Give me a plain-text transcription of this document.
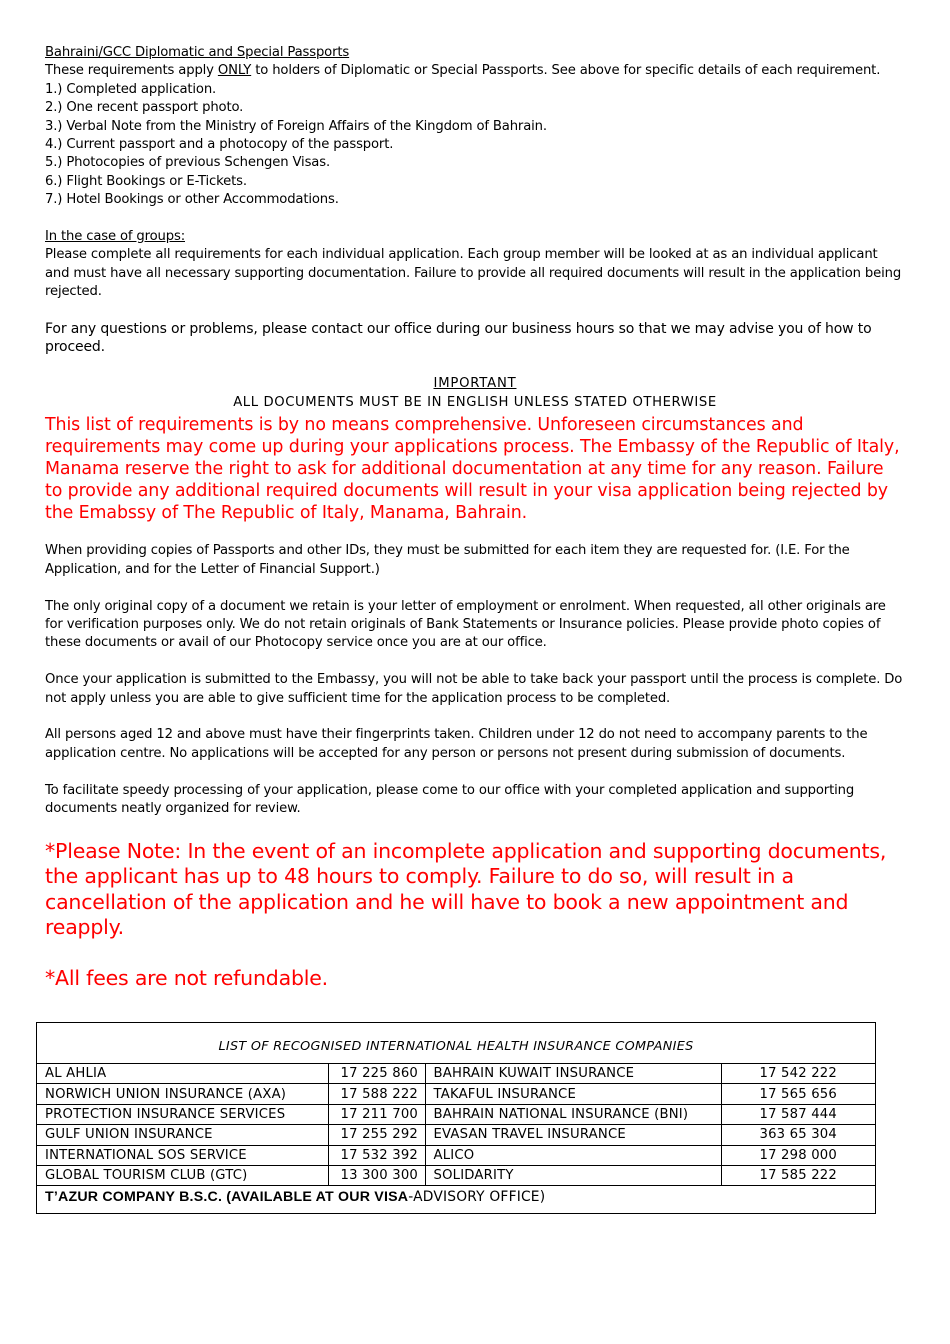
Bahraini/GCC Diplomatic and Special Passports
These requirements apply ONLY to holders of Diplomatic or Special Passports. See above for specific details of each requirement.
1.) Completed application.
2.) One recent passport photo.
3.) Verbal Note from the Ministry of Foreign Affairs of the Kingdom of Bahrain.
4.) Current passport and a photocopy of the passport.
5.) Photocopies of previous Schengen Visas.
6.) Flight Bookings or E-Tickets.
7.) Hotel Bookings or other Accommodations.
In the case of groups:

Please complete all requirements for each individual application. Each group member will be looked at as an individual applicant and must have all necessary supporting documentation. Failure to provide all required documents will result in the application being rejected.

For any questions or problems, please contact our office during our business hours so that we may advise you of how to proceed.

IMPORTANT
ALL DOCUMENTS MUST BE IN ENGLISH UNLESS STATED OTHERWISE

This list of requirements is by no means comprehensive. Unforeseen circumstances and requirements may come up during your applications process. The Embassy of the Republic of Italy, Manama reserve the right to ask for additional documentation at any time for any reason. Failure to provide any additional required documents will result in your visa application being rejected by the Emabssy of The Republic of Italy, Manama, Bahrain.

When providing copies of Passports and other IDs, they must be submitted for each item they are requested for. (I.E. For the Application, and for the Letter of Financial Support.)

The only original copy of a document we retain is your letter of employment or enrolment. When requested, all other originals are for verification purposes only. We do not retain originals of Bank Statements or Insurance policies. Please provide photo copies of these documents or avail of our Photocopy service once you are at our office.

Once your application is submitted to the Embassy, you will not be able to take back your passport until the process is complete. Do not apply unless you are able to give sufficient time for the application process to be completed.

All persons aged 12 and above must have their fingerprints taken. Children under 12 do not need to accompany parents to the application centre. No applications will be accepted for any person or persons not present during submission of documents.

To facilitate speedy processing of your application, please come to our office with your completed application and supporting documents neatly organized for review.

*Please Note: In the event of an incomplete application and supporting documents, the applicant has up to 48 hours to comply. Failure to do so, will result in a cancellation of the application and he will have to book a new appointment and reapply.

*All fees are not refundable.

LIST OF RECOGNISED INTERNATIONAL HEALTH INSURANCE COMPANIES
AL AHLIA	17 225 860	BAHRAIN KUWAIT INSURANCE	17 542 222
NORWICH UNION INSURANCE (AXA)	17 588 222	TAKAFUL INSURANCE	17 565 656
PROTECTION INSURANCE SERVICES	17 211 700	BAHRAIN NATIONAL INSURANCE (BNI)	17 587 444
GULF UNION INSURANCE	17 255 292	EVASAN TRAVEL INSURANCE	363 65 304
INTERNATIONAL SOS SERVICE	17 532 392	ALICO	17 298 000
GLOBAL TOURISM CLUB (GTC)	13 300 300	SOLIDARITY	17 585 222
T’AZUR COMPANY B.S.C. (AVAILABLE AT OUR VISA-ADVISORY OFFICE)			
